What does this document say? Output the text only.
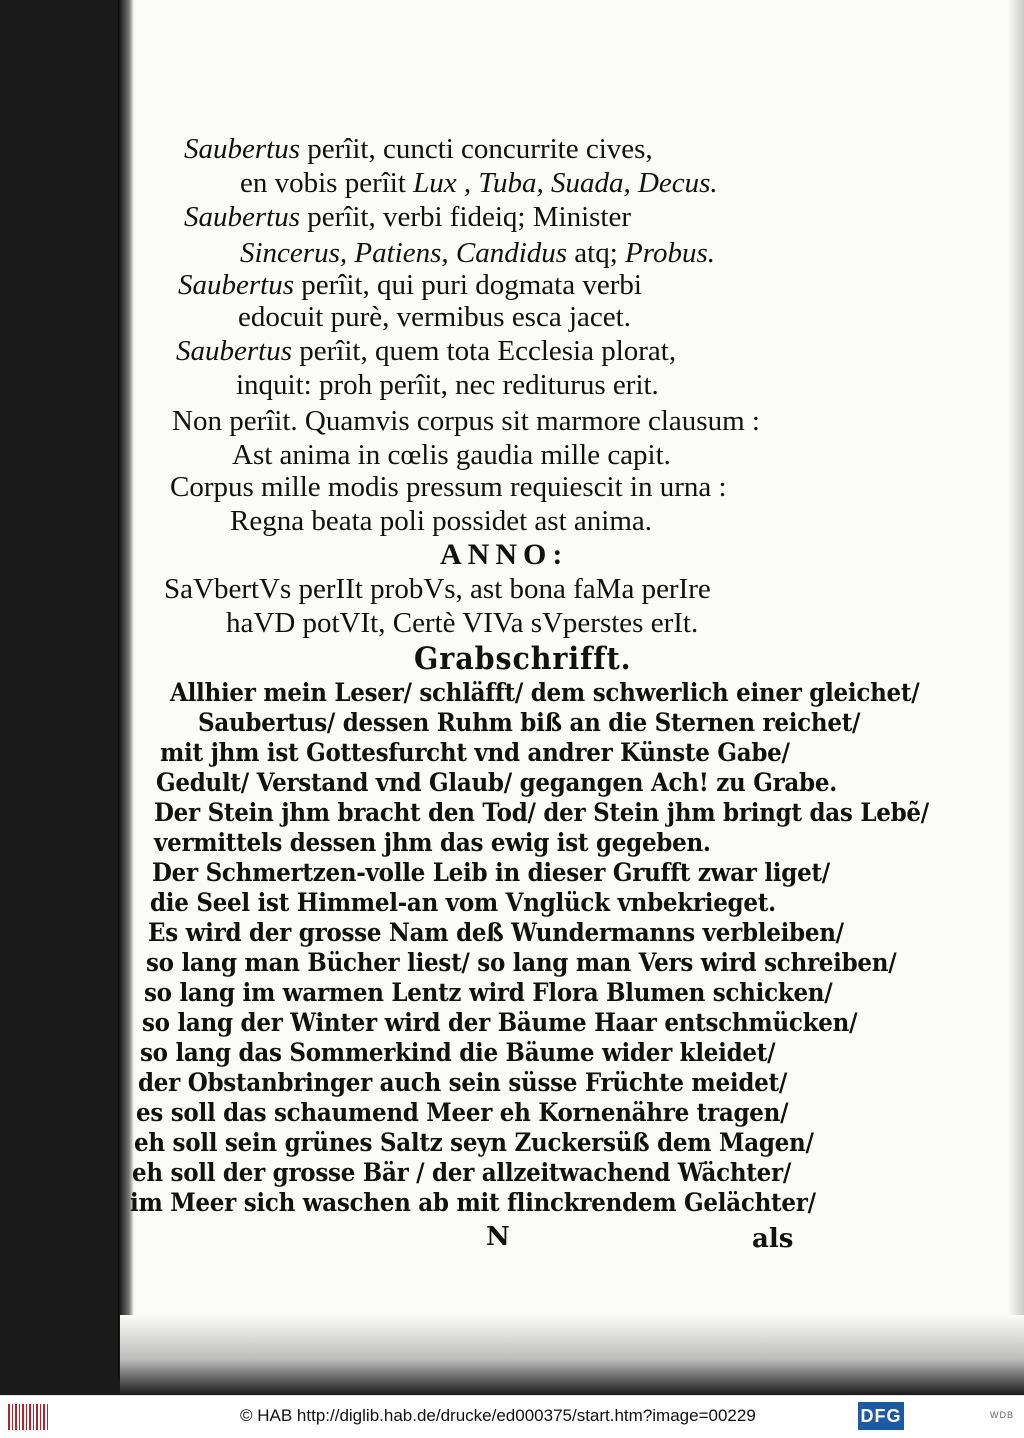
Saubertus perîit, cuncti concurrite cives,
en vobis perîit Lux , Tuba, Suada, Decus.
Saubertus perîit, verbi fideiq; Minister
Sincerus, Patiens, Candidus atq; Probus.
Saubertus perîit, qui puri dogmata verbi
edocuit purè, vermibus esca jacet.
Saubertus perîit, quem tota Ecclesia plorat,
inquit: proh perîit, nec rediturus erit.
Non perîit. Quamvis corpus sit marmore clausum :
Ast anima in cœlis gaudia mille capit.
Corpus mille modis pressum requiescit in urna :
Regna beata poli possidet ast anima.
ANNO:
SaVbertVs perIIt probVs, ast bona faMa perIre
haVD potVIt, Certè VIVa sVperstes erIt.
Grabschrifft.
Allhier mein Leser/ schläfft/ dem schwerlich einer gleichet/
Saubertus/ dessen Ruhm biß an die Sternen reichet/
mit jhm ist Gottesfurcht vnd andrer Künste Gabe/
Gedult/ Verstand vnd Glaub/ gegangen Ach! zu Grabe.
Der Stein jhm bracht den Tod/ der Stein jhm bringt das Lebẽ/
vermittels dessen jhm das ewig ist gegeben.
Der Schmertzen-volle Leib in dieser Grufft zwar liget/
die Seel ist Himmel-an vom Vnglück vnbekrieget.
Es wird der grosse Nam deß Wundermanns verbleiben/
so lang man Bücher liest/ so lang man Vers wird schreiben/
so lang im warmen Lentz wird Flora Blumen schicken/
so lang der Winter wird der Bäume Haar entschmücken/
so lang das Sommerkind die Bäume wider kleidet/
der Obstanbringer auch sein süsse Früchte meidet/
es soll das schaumend Meer eh Kornenähre tragen/
eh soll sein grünes Saltz seyn Zuckersüß dem Magen/
eh soll der grosse Bär / der allzeitwachend Wächter/
im Meer sich waschen ab mit flinckrendem Gelächter/
N	als
© HAB http://diglib.hab.de/drucke/ed000375/start.htm?image=00229	DFG	WDB
